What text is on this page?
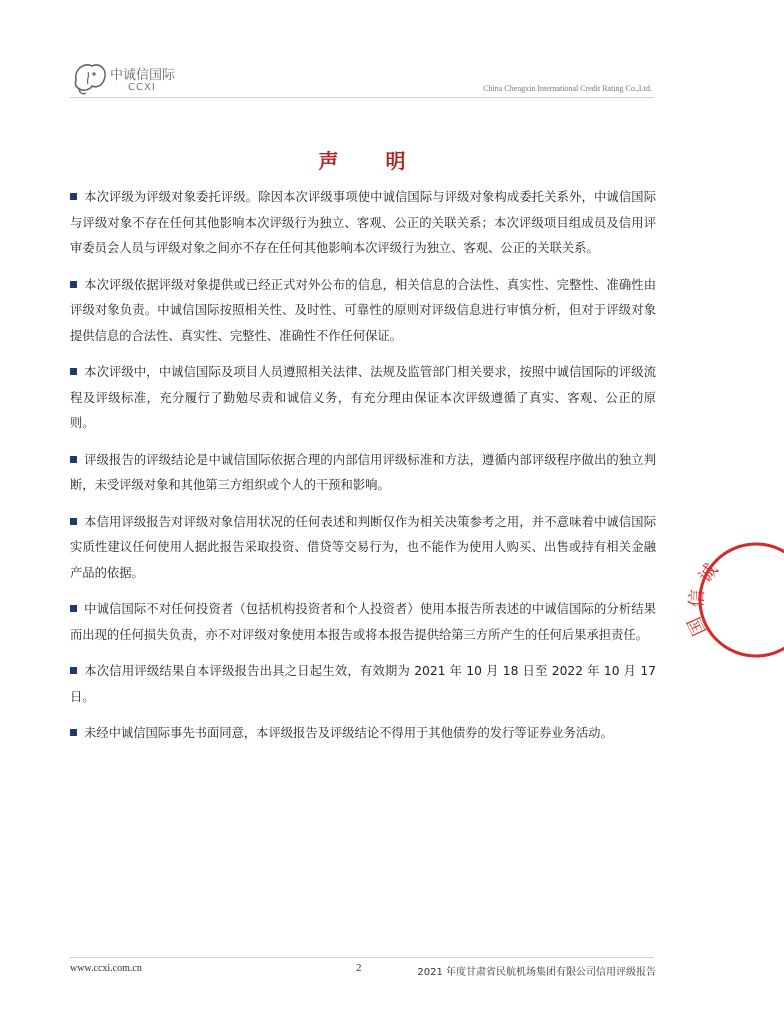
中诚信国际
CCXI	China Chengxin International Credit Rating Co.,Ltd.
声 明

本次评级为评级对象委托评级。除因本次评级事项使中诚信国际与评级对象构成委托关系外，中诚信国际与评级对象不存在任何其他影响本次评级行为独立、客观、公正的关联关系；本次评级项目组成员及信用评审委员会人员与评级对象之间亦不存在任何其他影响本次评级行为独立、客观、公正的关联关系。

本次评级依据评级对象提供或已经正式对外公布的信息，相关信息的合法性、真实性、完整性、准确性由评级对象负责。中诚信国际按照相关性、及时性、可靠性的原则对评级信息进行审慎分析，但对于评级对象提供信息的合法性、真实性、完整性、准确性不作任何保证。

本次评级中，中诚信国际及项目人员遵照相关法律、法规及监管部门相关要求，按照中诚信国际的评级流程及评级标准，充分履行了勤勉尽责和诚信义务，有充分理由保证本次评级遵循了真实、客观、公正的原则。

评级报告的评级结论是中诚信国际依据合理的内部信用评级标准和方法，遵循内部评级程序做出的独立判断，未受评级对象和其他第三方组织或个人的干预和影响。

本信用评级报告对评级对象信用状况的任何表述和判断仅作为相关决策参考之用，并不意味着中诚信国际实质性建议任何使用人据此报告采取投资、借贷等交易行为，也不能作为使用人购买、出售或持有相关金融产品的依据。

中诚信国际不对任何投资者（包括机构投资者和个人投资者）使用本报告所表述的中诚信国际的分析结果而出现的任何损失负责，亦不对评级对象使用本报告或将本报告提供给第三方所产生的任何后果承担责任。

本次信用评级结果自本评级报告出具之日起生效，有效期为 2021 年 10 月 18 日至 2022 年 10 月 17 日。

未经中诚信国际事先书面同意，本评级报告及评级结论不得用于其他债券的发行等证券业务活动。

诚
信
国
www.ccxi.com.cn	2	2021 年度甘肃省民航机场集团有限公司信用评级报告
